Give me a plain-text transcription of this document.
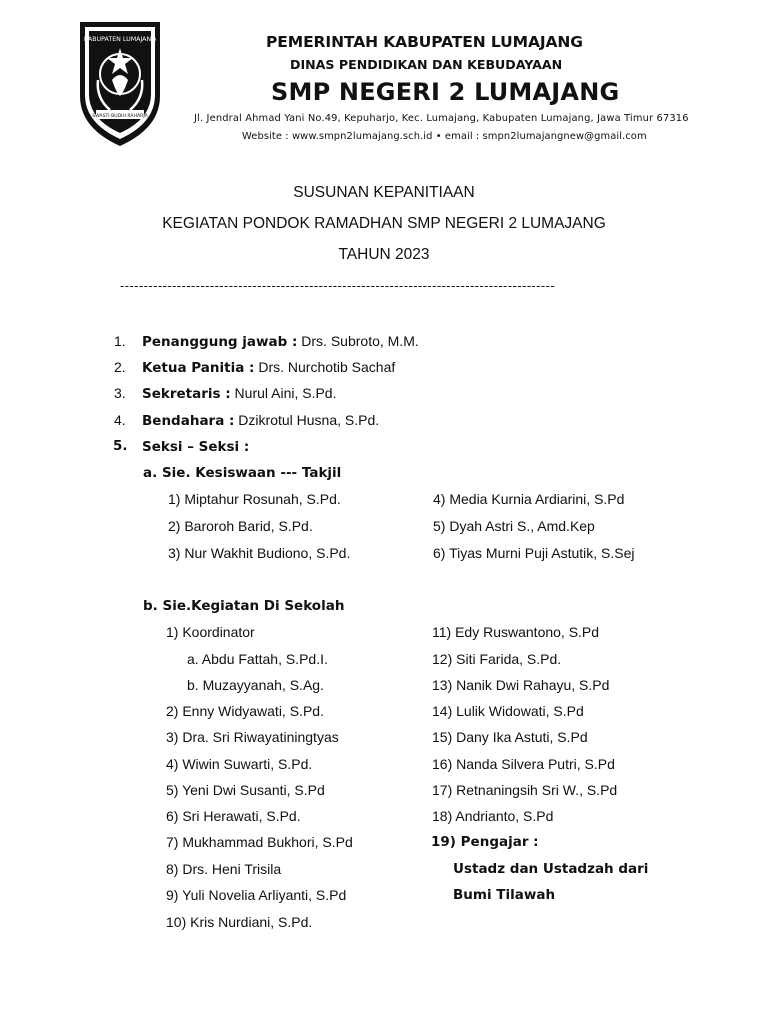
KABUPATEN LUMAJANG
SWASTI BUDHI RAHARJA
PEMERINTAH KABUPATEN LUMAJANG
DINAS PENDIDIKAN DAN KEBUDAYAAN
SMP NEGERI 2 LUMAJANG
Jl. Jendral Ahmad Yani No.49, Kepuharjo, Kec. Lumajang, Kabupaten Lumajang, Jawa Timur 67316
Website : www.smpn2lumajang.sch.id • email : smpn2lumajangnew@gmail.com
SUSUNAN KEPANITIAAN
KEGIATAN PONDOK RAMADHAN SMP NEGERI 2 LUMAJANG
TAHUN 2023
--------------------------------------------------------------------------------------------
1. Penanggung jawab : Drs. Subroto, M.M.
2. Ketua Panitia : Drs. Nurchotib Sachaf
3. Sekretaris : Nurul Aini, S.Pd.
4. Bendahara : Dzikrotul Husna, S.Pd.
5. Seksi – Seksi :
a. Sie. Kesiswaan --- Takjil
1) Miptahur Rosunah, S.Pd.
2) Baroroh Barid, S.Pd.
3) Nur Wakhit Budiono, S.Pd.
4) Media Kurnia Ardiarini, S.Pd
5) Dyah Astri S., Amd.Kep
6) Tiyas Murni Puji Astutik, S.Sej
b. Sie.Kegiatan Di Sekolah
1) Koordinator
a. Abdu Fattah, S.Pd.I.
b. Muzayyanah, S.Ag.
2) Enny Widyawati, S.Pd.
3) Dra. Sri Riwayatiningtyas
4) Wiwin Suwarti, S.Pd.
5) Yeni Dwi Susanti, S.Pd
6) Sri Herawati, S.Pd.
7) Mukhammad Bukhori, S.Pd
8) Drs. Heni Trisila
9) Yuli Novelia Arliyanti, S.Pd
10) Kris Nurdiani, S.Pd.
11) Edy Ruswantono, S.Pd
12) Siti Farida, S.Pd.
13) Nanik Dwi Rahayu, S.Pd
14) Lulik Widowati, S.Pd
15) Dany Ika Astuti, S.Pd
16) Nanda Silvera Putri, S.Pd
17) Retnaningsih Sri W., S.Pd
18) Andrianto, S.Pd
19) Pengajar :
Ustadz dan Ustadzah dari
Bumi Tilawah
